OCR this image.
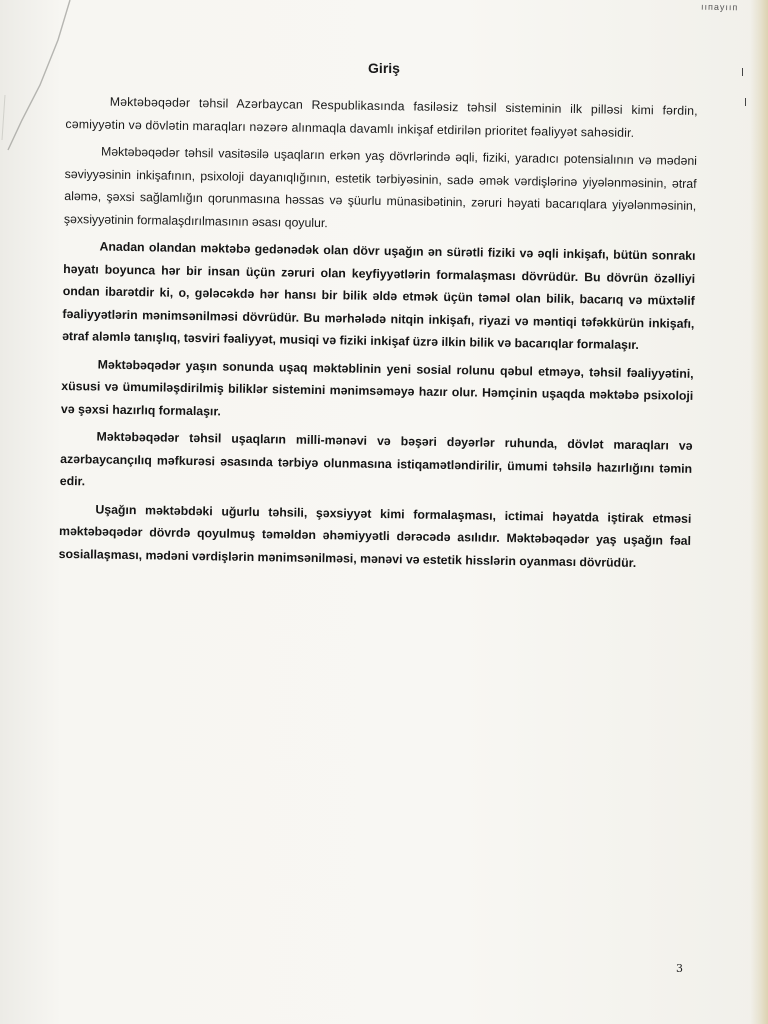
ııпаyııп
Giriş

Məktəbəqədər təhsil Azərbaycan Respublikasında fasiləsiz təhsil sisteminin ilk pilləsi kimi fərdin, cəmiyyətin və dövlətin maraqları nəzərə alınmaqla davamlı inkişaf etdirilən prioritet fəaliyyət sahəsidir.

Məktəbəqədər təhsil vasitəsilə uşaqların erkən yaş dövrlərində əqli, fiziki, yaradıcı potensialının və mədəni səviyyəsinin inkişafının, psixoloji dayanıqlığının, estetik tərbiyəsinin, sadə əmək vərdişlərinə yiyələnməsinin, ətraf aləmə, şəxsi sağlamlığın qorunmasına həssas və şüurlu münasibətinin, zəruri həyati bacarıqlara yiyələnməsinin, şəxsiyyətinin formalaşdırılmasının əsası qoyulur.

Anadan olandan məktəbə gedənədək olan dövr uşağın ən sürətli fiziki və əqli inkişafı, bütün sonrakı həyatı boyunca hər bir insan üçün zəruri olan keyfiyyətlərin formalaşması dövrüdür. Bu dövrün özəlliyi ondan ibarətdir ki, o, gələcəkdə hər hansı bir bilik əldə etmək üçün təməl olan bilik, bacarıq və müxtəlif fəaliyyətlərin mənimsənilməsi dövrüdür. Bu mərhələdə nitqin inkişafı, riyazi və məntiqi təfəkkürün inkişafı, ətraf aləmlə tanışlıq, təsviri fəaliyyət, musiqi və fiziki inkişaf üzrə ilkin bilik və bacarıqlar formalaşır.

Məktəbəqədər yaşın sonunda uşaq məktəblinin yeni sosial rolunu qəbul etməyə, təhsil fəaliyyətini, xüsusi və ümumiləşdirilmiş biliklər sistemini mənimsəməyə hazır olur. Həmçinin uşaqda məktəbə psixoloji və şəxsi hazırlıq formalaşır.

Məktəbəqədər təhsil uşaqların milli-mənəvi və bəşəri dəyərlər ruhunda, dövlət maraqları və azərbaycançılıq məfkurəsi əsasında tərbiyə olunmasına istiqamətləndirilir, ümumi təhsilə hazırlığını təmin edir.

Uşağın məktəbdəki uğurlu təhsili, şəxsiyyət kimi formalaşması, ictimai həyatda iştirak etməsi məktəbəqədər dövrdə qoyulmuş təməldən əhəmiyyətli dərəcədə asılıdır. Məktəbəqədər yaş uşağın fəal sosiallaşması, mədəni vərdişlərin mənimsənilməsi, mənəvi və estetik hisslərin oyanması dövrüdür.

3
